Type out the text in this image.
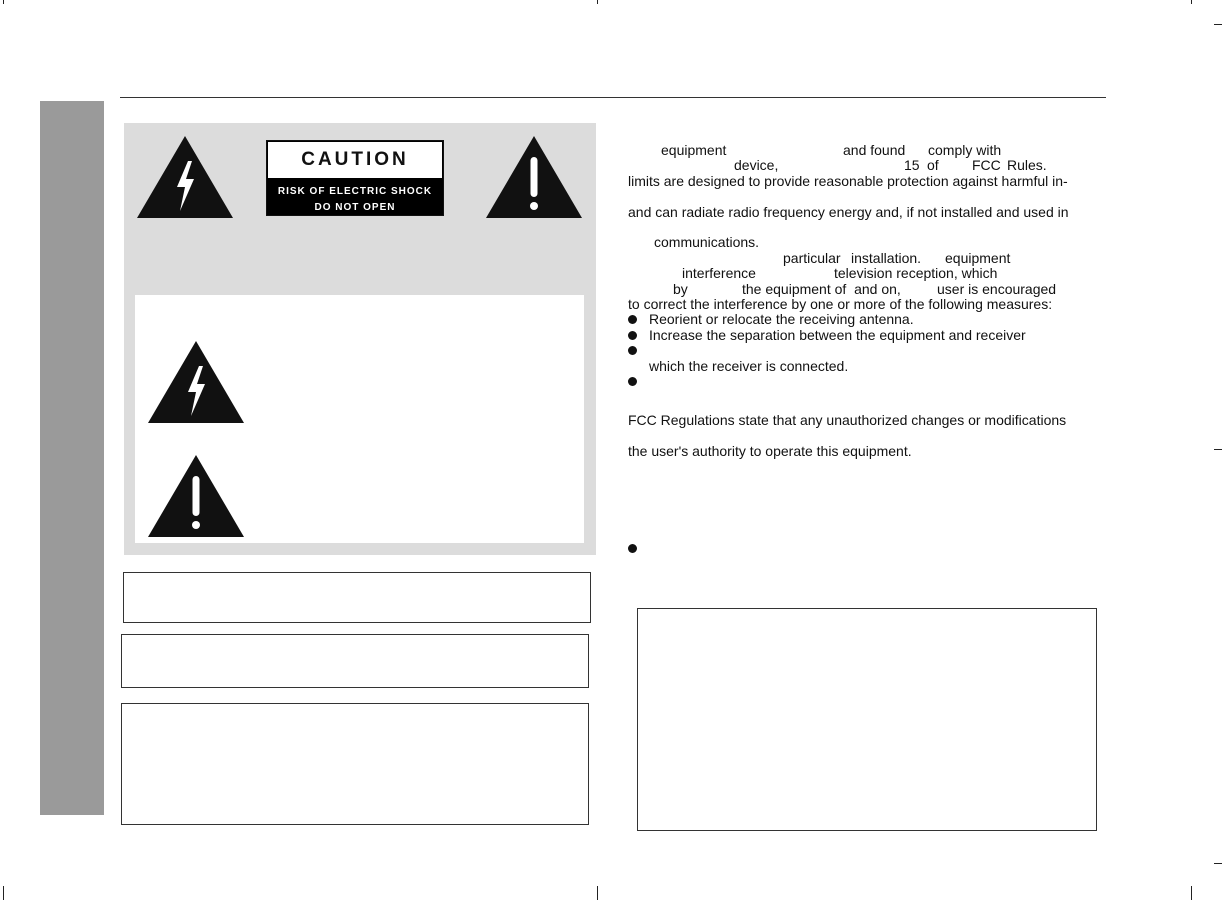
CAUTION
RISK OF ELECTRIC SHOCK
DO NOT OPEN
equipment	and found comply with
device,	15 of FCC Rules.
limits are designed to provide reasonable protection against harmful in-
and can radiate radio frequency energy and, if not installed and used in
communications.
particular installation. equipment
interference	television reception, which
by	the equipment of  and on,	user is encouraged
to correct the interference by one or more of the following measures:
Reorient or relocate the receiving antenna.
Increase the separation between the equipment and receiver
which the receiver is connected.
FCC Regulations state that any unauthorized changes or modifications
the user's authority to operate this equipment.
